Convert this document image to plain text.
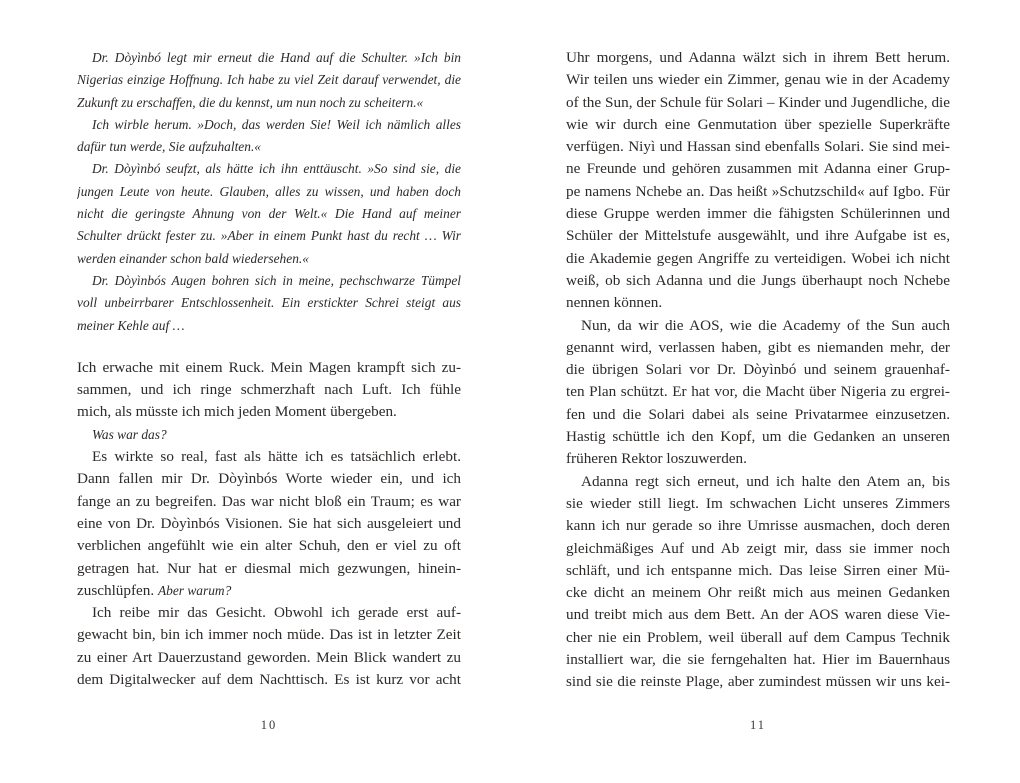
Dr. Dòyìnbó legt mir erneut die Hand auf die Schulter. »Ich bin
Nigerias einzige Hoffnung. Ich habe zu viel Zeit darauf verwendet, die
Zukunft zu erschaffen, die du kennst, um nun noch zu scheitern.«
Ich wirble herum. »Doch, das werden Sie! Weil ich nämlich alles
dafür tun werde, Sie aufzuhalten.«
Dr. Dòyìnbó seufzt, als hätte ich ihn enttäuscht. »So sind sie, die
jungen Leute von heute. Glauben, alles zu wissen, und haben doch
nicht die geringste Ahnung von der Welt.« Die Hand auf meiner
Schulter drückt fester zu. »Aber in einem Punkt hast du recht … Wir
werden einander schon bald wiedersehen.«
Dr. Dòyìnbós Augen bohren sich in meine, pechschwarze Tümpel
voll unbeirrbarer Entschlossenheit. Ein erstickter Schrei steigt aus
meiner Kehle auf …
Ich erwache mit einem Ruck. Mein Magen krampft sich zu-
sammen, und ich ringe schmerzhaft nach Luft. Ich fühle
mich, als müsste ich mich jeden Moment übergeben.
Was war das?
Es wirkte so real, fast als hätte ich es tatsächlich erlebt.
Dann fallen mir Dr. Dòyìnbós Worte wieder ein, und ich
fange an zu begreifen. Das war nicht bloß ein Traum; es war
eine von Dr. Dòyìnbós Visionen. Sie hat sich ausgeleiert und
verblichen angefühlt wie ein alter Schuh, den er viel zu oft
getragen hat. Nur hat er diesmal mich gezwungen, hinein-
zuschlüpfen. Aber warum?
Ich reibe mir das Gesicht. Obwohl ich gerade erst auf-
gewacht bin, bin ich immer noch müde. Das ist in letzter Zeit
zu einer Art Dauerzustand geworden. Mein Blick wandert zu
dem Digitalwecker auf dem Nachttisch. Es ist kurz vor acht
Uhr morgens, und Adanna wälzt sich in ihrem Bett herum.
Wir teilen uns wieder ein Zimmer, genau wie in der Academy
of the Sun, der Schule für Solari – Kinder und Jugendliche, die
wie wir durch eine Genmutation über spezielle Superkräfte
verfügen. Niyì und Hassan sind ebenfalls Solari. Sie sind mei-
ne Freunde und gehören zusammen mit Adanna einer Grup-
pe namens Nchebe an. Das heißt »Schutzschild« auf Igbo. Für
diese Gruppe werden immer die fähigsten Schülerinnen und
Schüler der Mittelstufe ausgewählt, und ihre Aufgabe ist es,
die Akademie gegen Angriffe zu verteidigen. Wobei ich nicht
weiß, ob sich Adanna und die Jungs überhaupt noch Nchebe
nennen können.
Nun, da wir die AOS, wie die Academy of the Sun auch
genannt wird, verlassen haben, gibt es niemanden mehr, der
die übrigen Solari vor Dr. Dòyìnbó und seinem grauenhaf-
ten Plan schützt. Er hat vor, die Macht über Nigeria zu ergrei-
fen und die Solari dabei als seine Privatarmee einzusetzen.
Hastig schüttle ich den Kopf, um die Gedanken an unseren
früheren Rektor loszuwerden.
Adanna regt sich erneut, und ich halte den Atem an, bis
sie wieder still liegt. Im schwachen Licht unseres Zimmers
kann ich nur gerade so ihre Umrisse ausmachen, doch deren
gleichmäßiges Auf und Ab zeigt mir, dass sie immer noch
schläft, und ich entspanne mich. Das leise Sirren einer Mü-
cke dicht an meinem Ohr reißt mich aus meinen Gedanken
und treibt mich aus dem Bett. An der AOS waren diese Vie-
cher nie ein Problem, weil überall auf dem Campus Technik
installiert war, die sie ferngehalten hat. Hier im Bauernhaus
sind sie die reinste Plage, aber zumindest müssen wir uns kei-
10	11
